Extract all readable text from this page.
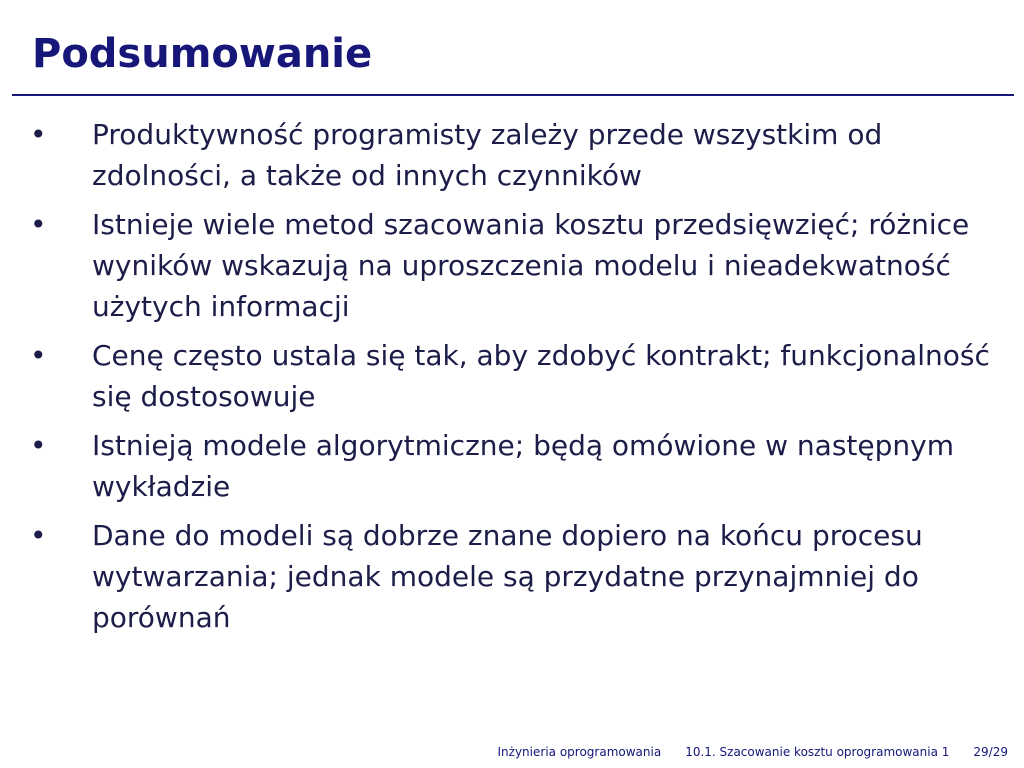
Podsumowanie
• Produktywność programisty zależy przede wszystkim od zdolności, a także od innych czynników
• Istnieje wiele metod szacowania kosztu przedsięwzięć; różnice wyników wskazują na uproszczenia modelu i nieadekwatność użytych informacji
• Cenę często ustala się tak, aby zdobyć kontrakt; funkcjonalność się dostosowuje
• Istnieją modele algorytmiczne; będą omówione w następnym wykładzie
• Dane do modeli są dobrze znane dopiero na końcu procesu wytwarzania; jednak modele są przydatne przynajmniej do porównań
Inżynieria oprogramowania 10.1. Szacowanie kosztu oprogramowania 1 29/29
